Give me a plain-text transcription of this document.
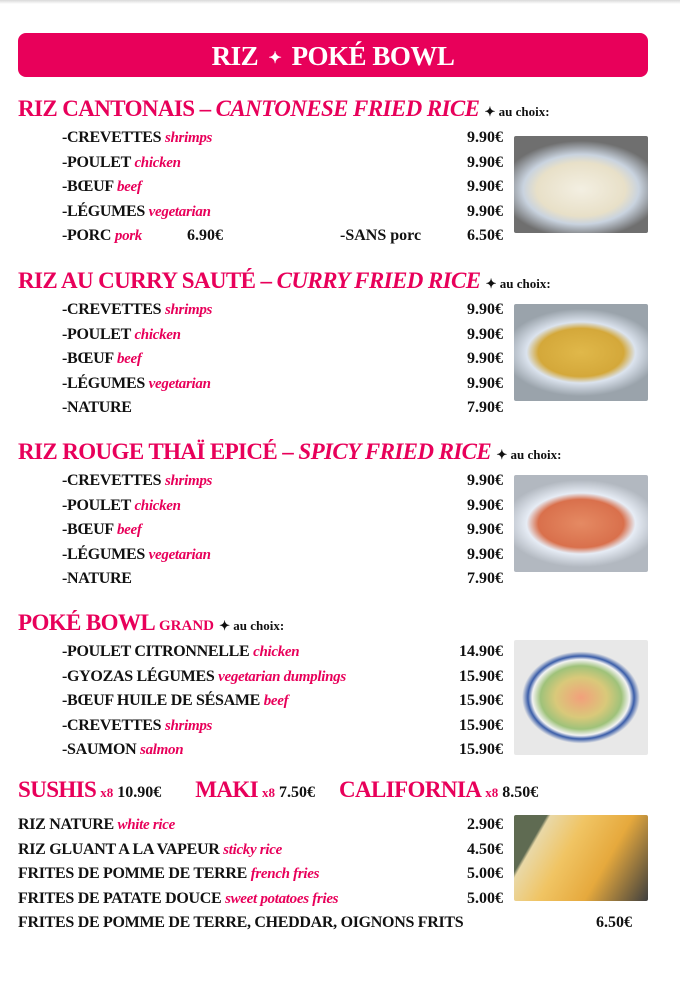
RIZ ✦ POKÉ BOWL
RIZ CANTONAIS – CANTONESE FRIED RICE ✦ au choix:
-CREVETTES shrimps	9.90€
-POULET chicken	9.90€
-BŒUF beef	9.90€
-LÉGUMES vegetarian	9.90€
-PORC pork	6.90€	-SANS porc	6.50€
RIZ AU CURRY SAUTÉ – CURRY FRIED RICE ✦ au choix:
-CREVETTES shrimps	9.90€
-POULET chicken	9.90€
-BŒUF beef	9.90€
-LÉGUMES vegetarian	9.90€
-NATURE	7.90€
RIZ ROUGE THAÏ EPICÉ – SPICY FRIED RICE ✦ au choix:
-CREVETTES shrimps	9.90€
-POULET chicken	9.90€
-BŒUF beef	9.90€
-LÉGUMES vegetarian	9.90€
-NATURE	7.90€
POKÉ BOWL GRAND ✦ au choix:
-POULET CITRONNELLE chicken	14.90€
-GYOZAS LÉGUMES vegetarian dumplings	15.90€
-BŒUF HUILE DE SÉSAME beef	15.90€
-CREVETTES shrimps	15.90€
-SAUMON salmon	15.90€
SUSHIS x8 10.90€ MAKI x8 7.50€ CALIFORNIA x8 8.50€
RIZ NATURE white rice	2.90€
RIZ GLUANT A LA VAPEUR sticky rice	4.50€
FRITES DE POMME DE TERRE french fries	5.00€
FRITES DE PATATE DOUCE sweet potatoes fries	5.00€
FRITES DE POMME DE TERRE, CHEDDAR, OIGNONS FRITS	6.50€
